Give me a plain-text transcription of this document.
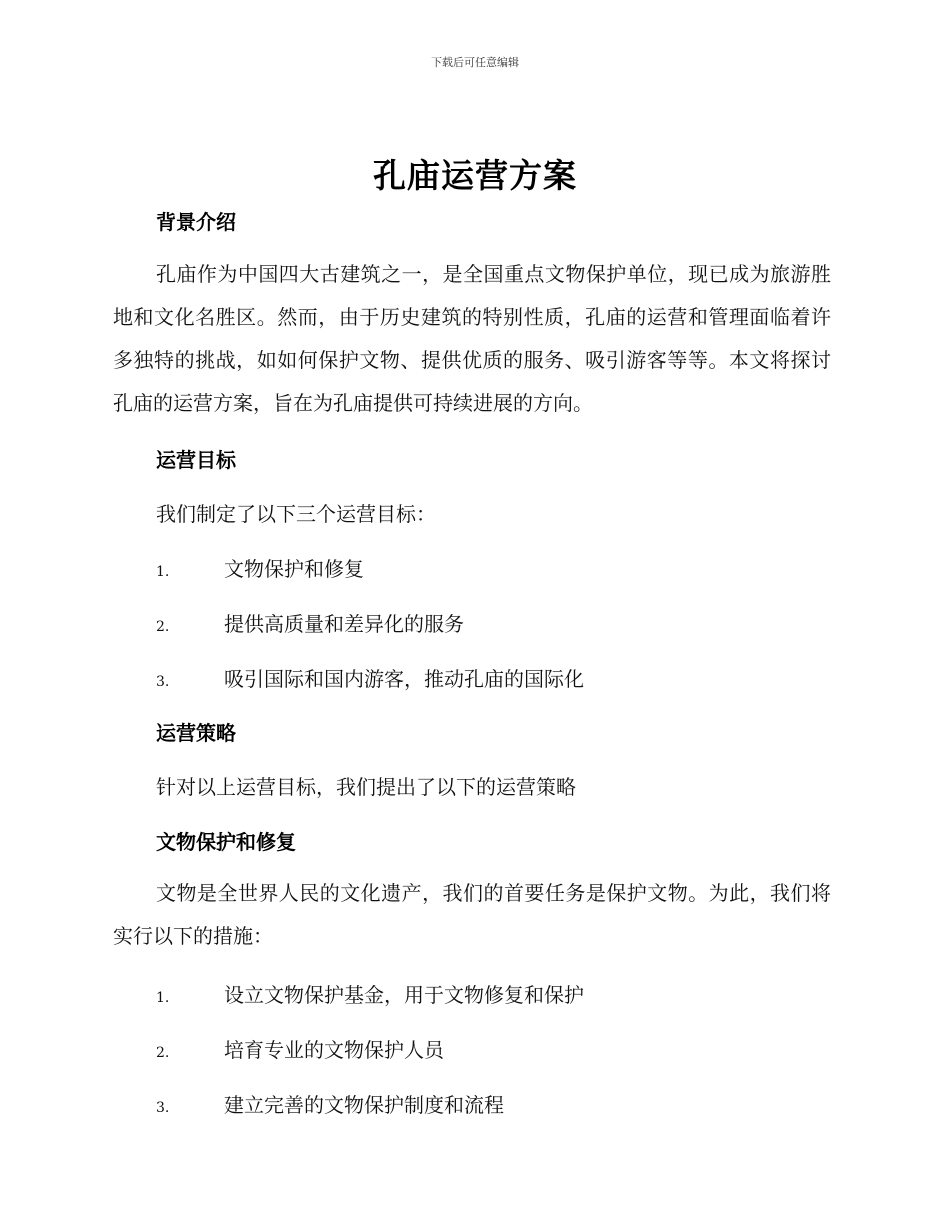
下载后可任意编辑
孔庙运营方案
背景介绍
孔庙作为中国四大古建筑之一，是全国重点文物保护单位，现已成为旅游胜地和文化名胜区。然而，由于历史建筑的特别性质，孔庙的运营和管理面临着许多独特的挑战，如如何保护文物、提供优质的服务、吸引游客等等。本文将探讨孔庙的运营方案，旨在为孔庙提供可持续进展的方向。
运营目标
我们制定了以下三个运营目标：
1.	文物保护和修复
2.	提供高质量和差异化的服务
3.	吸引国际和国内游客，推动孔庙的国际化
运营策略
针对以上运营目标，我们提出了以下的运营策略
文物保护和修复
文物是全世界人民的文化遗产，我们的首要任务是保护文物。为此，我们将实行以下的措施：
1.	设立文物保护基金，用于文物修复和保护
2.	培育专业的文物保护人员
3.	建立完善的文物保护制度和流程
